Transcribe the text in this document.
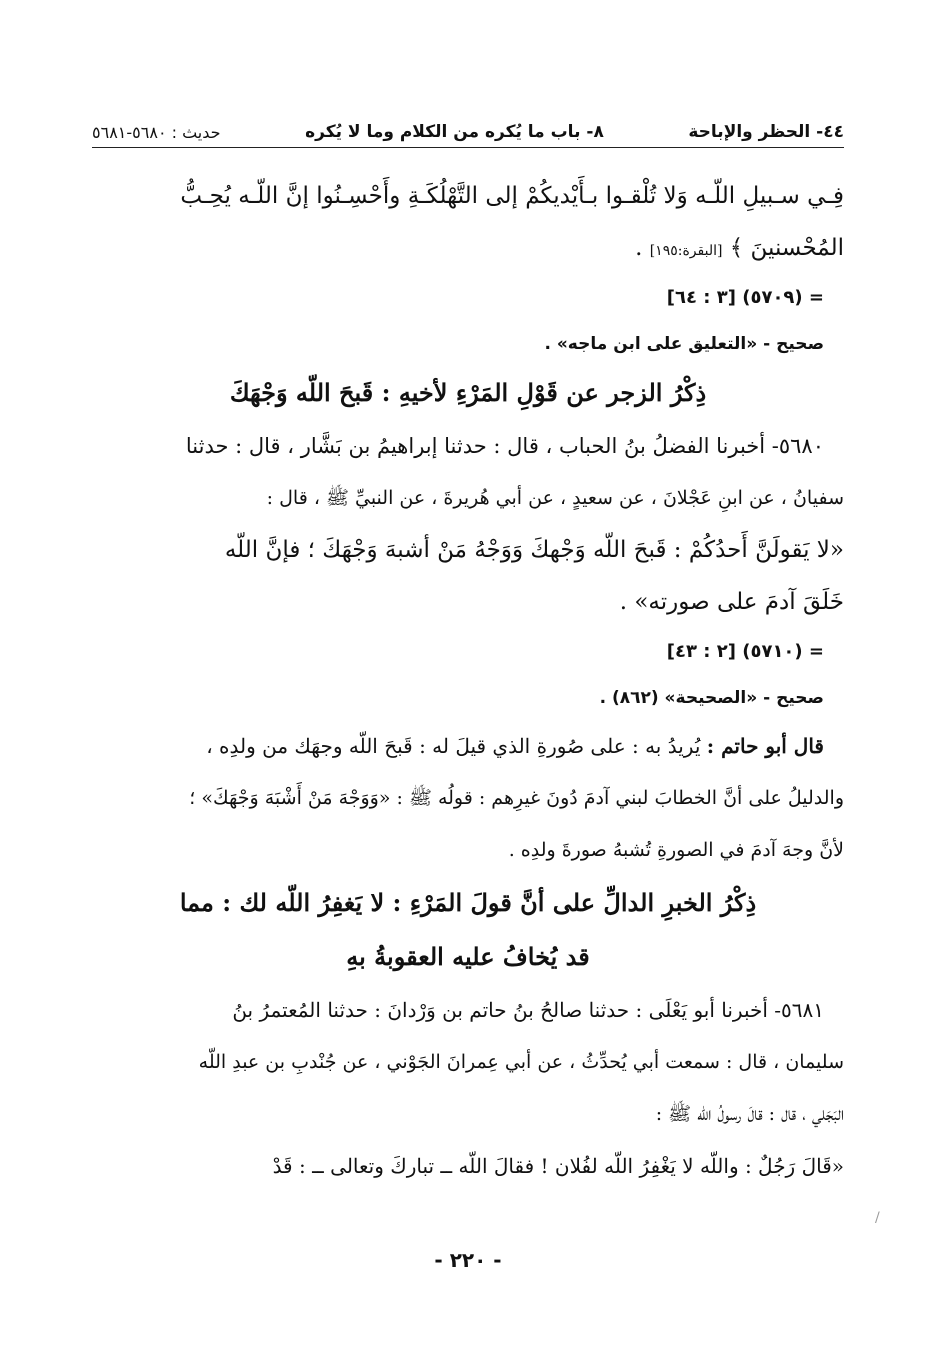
٤٤- الحظر والإباحة
٨- باب ما يُكره من الكلام وما لا يُكره
حديث : ٥٦٨٠-٥٦٨١
فِـي سـبيلِ اللّـه وَلا تُلْقـوا بـأَيْديكُمْ إلى التَّهْلُكَـةِ وأَحْسِـنُوا إنَّ اللّـه يُحِـبُّ
المُحْسنينَ ﴾ [البقرة:١٩٥] .
= (٥٧٠٩) [٣ : ٦٤]
صحيح - «التعليق على ابن ماجه» .
ذِكْرُ الزجر عن قَوْلِ المَرْءِ لأخيهِ : قَبحَ اللّه وَجْهَكَ
٥٦٨٠- أخبرنا الفضلُ بنُ الحباب ، قال : حدثنا إبراهيمُ بن بَشَّار ، قال : حدثنا
سفيانُ ، عن ابنِ عَجْلانَ ، عن سعيدٍ ، عن أبي هُريرةَ ، عن النبيِّ ﷺ ، قال :
«لا يَقولَنَّ أَحدُكُمْ : قَبحَ اللّه وَجْهكَ وَوَجْهُ مَنْ أشبهَ وَجْهَكَ ؛ فإنَّ اللّه
خَلَقَ آدمَ على صورته» .
= (٥٧١٠) [٢ : ٤٣]
صحيح - «الصحيحة» (٨٦٢) .
قال أبو حاتم : يُريدُ به : على صُورةِ الذي قيلَ له : قَبحَ اللّه وجهَك من ولدِه ،
والدليلُ على أنَّ الخطابَ لبني آدمَ دُونَ غيرِهم : قولُه ﷺ : «وَوَجْهَ مَنْ أَشْبَهَ وَجْهَكَ» ؛
لأنَّ وجهَ آدمَ في الصورةِ تُشبهُ صورةَ ولدِه .
ذِكْرُ الخبرِ الدالِّ على أنَّ قولَ المَرْءِ : لا يَغفِرُ اللّه لك : مما
قد يُخافُ عليه العقوبةُ بهِ
٥٦٨١- أخبرنا أبو يَعْلَى : حدثنا صالحُ بنُ حاتم بن وَرْدانَ : حدثنا المُعتمرُ بنُ
سليمان ، قال : سمعت أبي يُحدِّثُ ، عن أبي عِمرانَ الجَوْني ، عن جُنْدبِ بن عبدِ اللّه
البَجَلي ، قال : قالَ رسولُ اللّه ﷺ :
«قَالَ رَجُلٌ : واللّه لا يَغْفِرُ اللّه لفُلان ! فقالَ اللّه ــ تباركَ وتعالى ــ : قَدْ
- ٢٢٠ -
/
